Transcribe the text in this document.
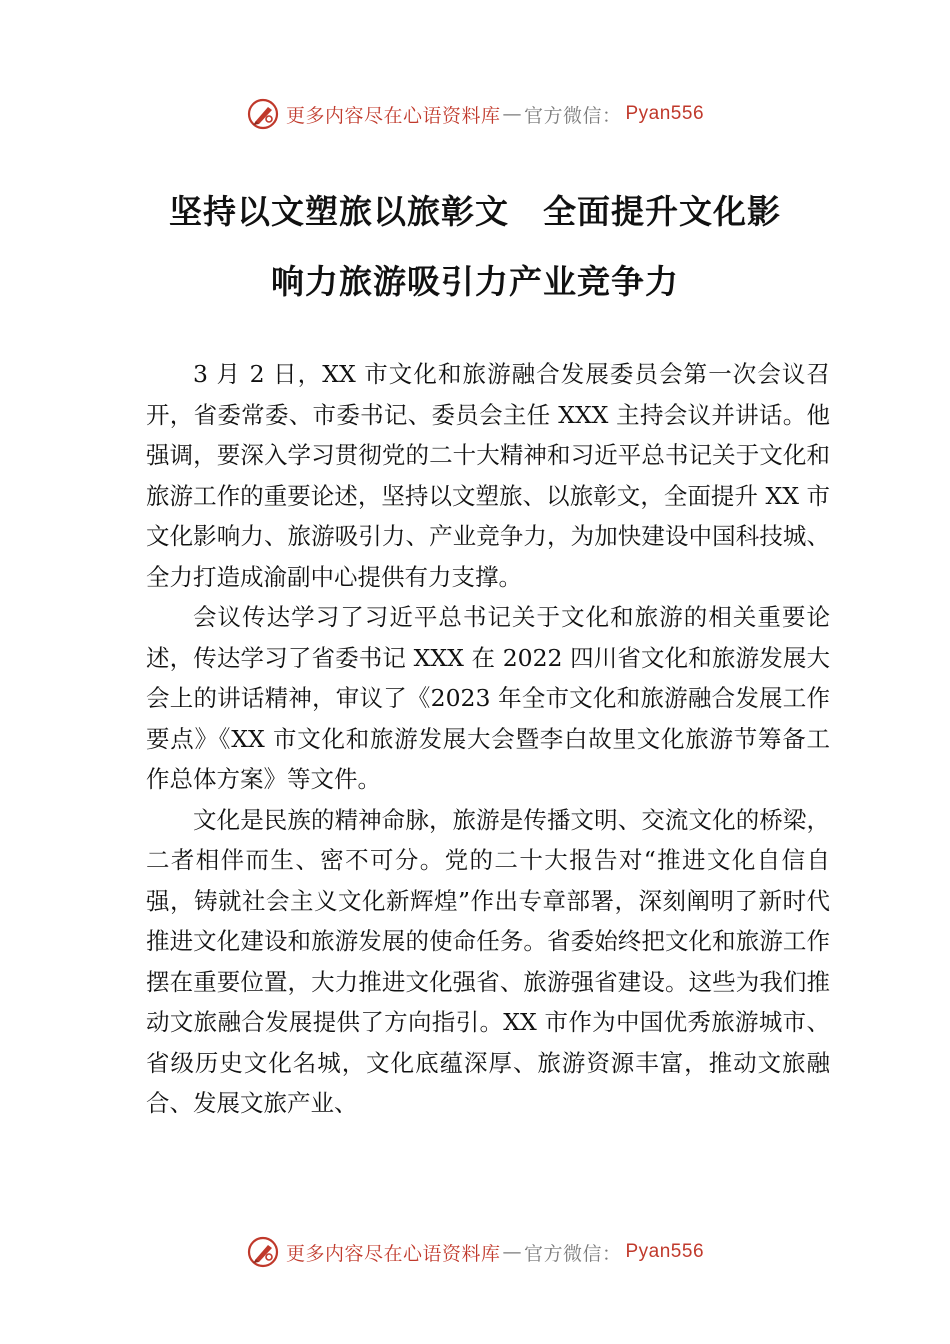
更多内容尽在心语资料库 — 官方微信： Pyan556
坚持以文塑旅以旅彰文　全面提升文化影
响力旅游吸引力产业竞争力

3 月 2 日，XX 市文化和旅游融合发展委员会第一次会议召开，省委常委、市委书记、委员会主任 XXX 主持会议并讲话。他强调，要深入学习贯彻党的二十大精神和习近平总书记关于文化和旅游工作的重要论述，坚持以文塑旅、以旅彰文，全面提升 XX 市文化影响力、旅游吸引力、产业竞争力，为加快建设中国科技城、全力打造成渝副中心提供有力支撑。

会议传达学习了习近平总书记关于文化和旅游的相关重要论述，传达学习了省委书记 XXX 在 2022 四川省文化和旅游发展大会上的讲话精神，审议了《2023 年全市文化和旅游融合发展工作要点》《XX 市文化和旅游发展大会暨李白故里文化旅游节筹备工作总体方案》等文件。

文化是民族的精神命脉，旅游是传播文明、交流文化的桥梁，二者相伴而生、密不可分。党的二十大报告对“推进文化自信自强，铸就社会主义文化新辉煌”作出专章部署，深刻阐明了新时代推进文化建设和旅游发展的使命任务。省委始终把文化和旅游工作摆在重要位置，大力推进文化强省、旅游强省建设。这些为我们推动文旅融合发展提供了方向指引。XX 市作为中国优秀旅游城市、省级历史文化名城，文化底蕴深厚、旅游资源丰富，推动文旅融合、发展文旅产业、

更多内容尽在心语资料库 — 官方微信： Pyan556
